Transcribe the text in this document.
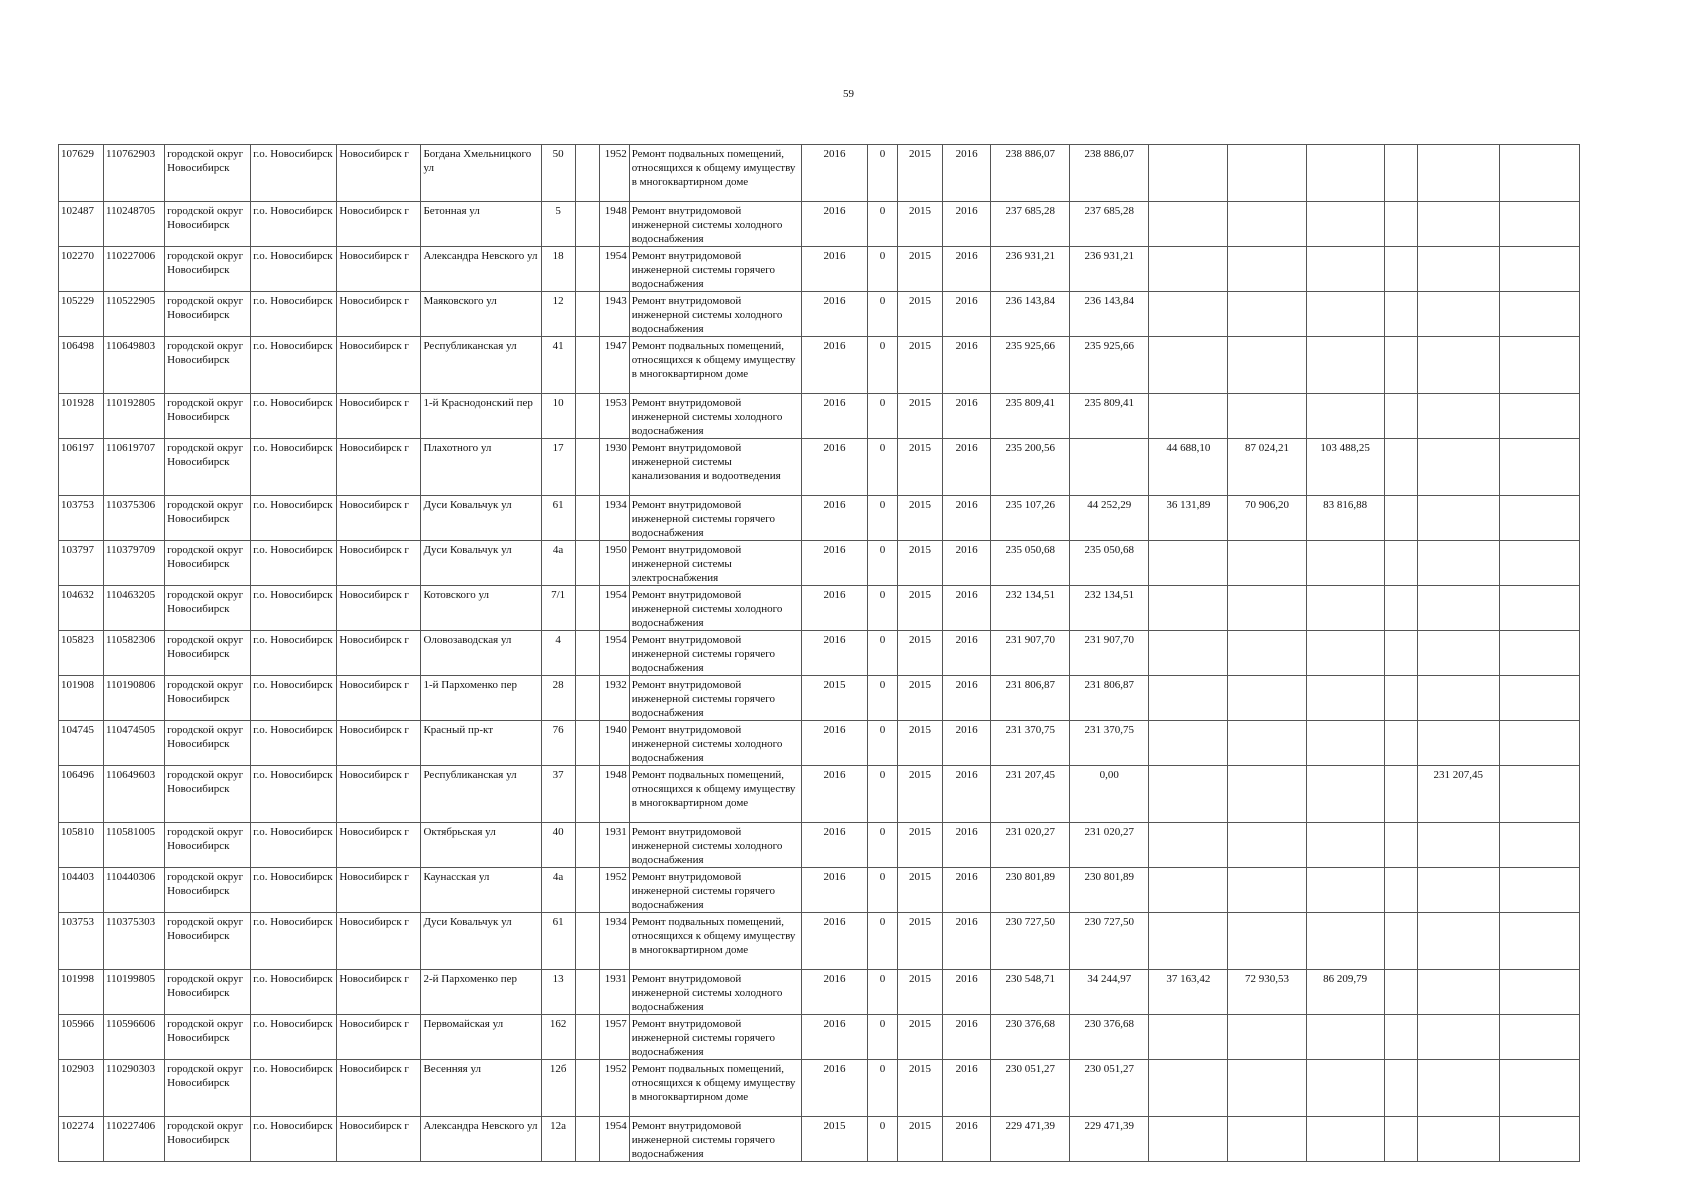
59
107629	110762903	городской округ Новосибирск	г.о. Новосибирск	Новосибирск г	Богдана Хмельницкого ул	50		1952	Ремонт подвальных помещений, относящихся к общему имуществу в многоквартирном доме	2016	0	2015	2016	238 886,07	238 886,07						
102487	110248705	городской округ Новосибирск	г.о. Новосибирск	Новосибирск г	Бетонная ул	5		1948	Ремонт внутридомовой инженерной системы холодного водоснабжения	2016	0	2015	2016	237 685,28	237 685,28						
102270	110227006	городской округ Новосибирск	г.о. Новосибирск	Новосибирск г	Александра Невского ул	18		1954	Ремонт внутридомовой инженерной системы горячего водоснабжения	2016	0	2015	2016	236 931,21	236 931,21						
105229	110522905	городской округ Новосибирск	г.о. Новосибирск	Новосибирск г	Маяковского ул	12		1943	Ремонт внутридомовой инженерной системы холодного водоснабжения	2016	0	2015	2016	236 143,84	236 143,84						
106498	110649803	городской округ Новосибирск	г.о. Новосибирск	Новосибирск г	Республиканская ул	41		1947	Ремонт подвальных помещений, относящихся к общему имуществу в многоквартирном доме	2016	0	2015	2016	235 925,66	235 925,66						
101928	110192805	городской округ Новосибирск	г.о. Новосибирск	Новосибирск г	1-й Краснодонский пер	10		1953	Ремонт внутридомовой инженерной системы холодного водоснабжения	2016	0	2015	2016	235 809,41	235 809,41						
106197	110619707	городской округ Новосибирск	г.о. Новосибирск	Новосибирск г	Плахотного ул	17		1930	Ремонт внутридомовой инженерной системы канализования и водоотведения	2016	0	2015	2016	235 200,56		44 688,10	87 024,21	103 488,25			
103753	110375306	городской округ Новосибирск	г.о. Новосибирск	Новосибирск г	Дуси Ковальчук ул	61		1934	Ремонт внутридомовой инженерной системы горячего водоснабжения	2016	0	2015	2016	235 107,26	44 252,29	36 131,89	70 906,20	83 816,88			
103797	110379709	городской округ Новосибирск	г.о. Новосибирск	Новосибирск г	Дуси Ковальчук ул	4а		1950	Ремонт внутридомовой инженерной системы электроснабжения	2016	0	2015	2016	235 050,68	235 050,68						
104632	110463205	городской округ Новосибирск	г.о. Новосибирск	Новосибирск г	Котовского ул	7/1		1954	Ремонт внутридомовой инженерной системы холодного водоснабжения	2016	0	2015	2016	232 134,51	232 134,51						
105823	110582306	городской округ Новосибирск	г.о. Новосибирск	Новосибирск г	Оловозаводская ул	4		1954	Ремонт внутридомовой инженерной системы горячего водоснабжения	2016	0	2015	2016	231 907,70	231 907,70						
101908	110190806	городской округ Новосибирск	г.о. Новосибирск	Новосибирск г	1-й Пархоменко пер	28		1932	Ремонт внутридомовой инженерной системы горячего водоснабжения	2015	0	2015	2016	231 806,87	231 806,87						
104745	110474505	городской округ Новосибирск	г.о. Новосибирск	Новосибирск г	Красный пр-кт	76		1940	Ремонт внутридомовой инженерной системы холодного водоснабжения	2016	0	2015	2016	231 370,75	231 370,75						
106496	110649603	городской округ Новосибирск	г.о. Новосибирск	Новосибирск г	Республиканская ул	37		1948	Ремонт подвальных помещений, относящихся к общему имуществу в многоквартирном доме	2016	0	2015	2016	231 207,45	0,00					231 207,45	
105810	110581005	городской округ Новосибирск	г.о. Новосибирск	Новосибирск г	Октябрьская ул	40		1931	Ремонт внутридомовой инженерной системы холодного водоснабжения	2016	0	2015	2016	231 020,27	231 020,27						
104403	110440306	городской округ Новосибирск	г.о. Новосибирск	Новосибирск г	Каунасская ул	4а		1952	Ремонт внутридомовой инженерной системы горячего водоснабжения	2016	0	2015	2016	230 801,89	230 801,89						
103753	110375303	городской округ Новосибирск	г.о. Новосибирск	Новосибирск г	Дуси Ковальчук ул	61		1934	Ремонт подвальных помещений, относящихся к общему имуществу в многоквартирном доме	2016	0	2015	2016	230 727,50	230 727,50						
101998	110199805	городской округ Новосибирск	г.о. Новосибирск	Новосибирск г	2-й Пархоменко пер	13		1931	Ремонт внутридомовой инженерной системы холодного водоснабжения	2016	0	2015	2016	230 548,71	34 244,97	37 163,42	72 930,53	86 209,79			
105966	110596606	городской округ Новосибирск	г.о. Новосибирск	Новосибирск г	Первомайская ул	162		1957	Ремонт внутридомовой инженерной системы горячего водоснабжения	2016	0	2015	2016	230 376,68	230 376,68						
102903	110290303	городской округ Новосибирск	г.о. Новосибирск	Новосибирск г	Весенняя ул	12б		1952	Ремонт подвальных помещений, относящихся к общему имуществу в многоквартирном доме	2016	0	2015	2016	230 051,27	230 051,27						
102274	110227406	городской округ Новосибирск	г.о. Новосибирск	Новосибирск г	Александра Невского ул	12а		1954	Ремонт внутридомовой инженерной системы горячего водоснабжения	2015	0	2015	2016	229 471,39	229 471,39						
